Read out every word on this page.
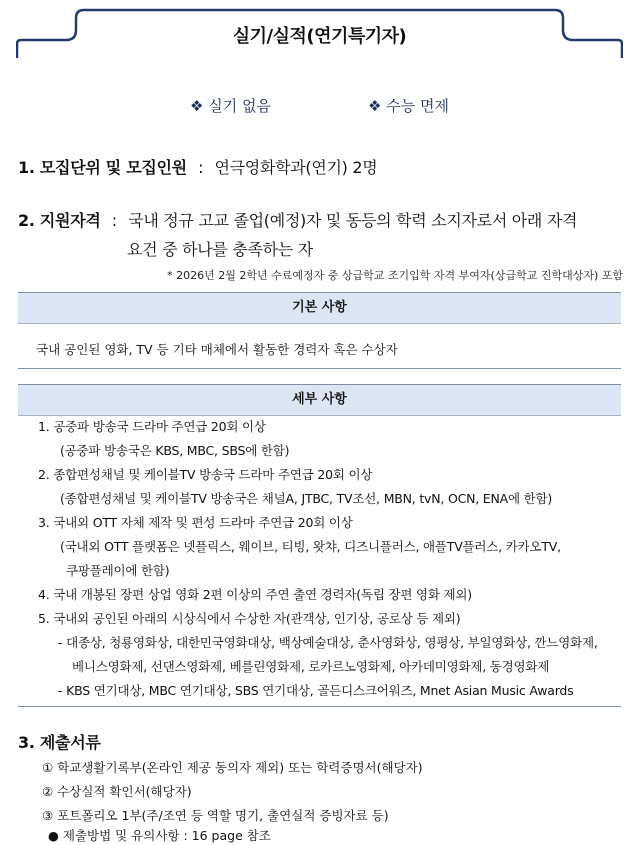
실기/실적(연기특기자)
❖ 실기 없음	❖ 수능 면제
1. 모집단위 및 모집인원 : 연극영화학과(연기) 2명
2. 지원자격 : 국내 정규 고교 졸업(예정)자 및 동등의 학력 소지자로서 아래 자격
요건 중 하나를 충족하는 자
* 2026년 2월 2학년 수료예정자 중 상급학교 조기입학 자격 부여자(상급학교 진학대상자) 포함
기본 사항
국내 공인된 영화, TV 등 기타 매체에서 활동한 경력자 혹은 수상자
세부 사항
1. 공중파 방송국 드라마 주연급 20회 이상
(공중파 방송국은 KBS, MBC, SBS에 한함)
2. 종합편성채널 및 케이블TV 방송국 드라마 주연급 20회 이상
(종합편성채널 및 케이블TV 방송국은 채널A, JTBC, TV조선, MBN, tvN, OCN, ENA에 한함)
3. 국내외 OTT 자체 제작 및 편성 드라마 주연급 20회 이상
(국내외 OTT 플랫폼은 넷플릭스, 웨이브, 티빙, 왓챠, 디즈니플러스, 애플TV플러스, 카카오TV,
쿠팡플레이에 한함)
4. 국내 개봉된 장편 상업 영화 2편 이상의 주연 출연 경력자(독립 장편 영화 제외)
5. 국내외 공인된 아래의 시상식에서 수상한 자(관객상, 인기상, 공로상 등 제외)
- 대종상, 청룡영화상, 대한민국영화대상, 백상예술대상, 춘사영화상, 영평상, 부일영화상, 깐느영화제,
베니스영화제, 선댄스영화제, 베를린영화제, 로카르노영화제, 아카데미영화제, 동경영화제
- KBS 연기대상, MBC 연기대상, SBS 연기대상, 골든디스크어워즈, Mnet Asian Music Awards
3. 제출서류
① 학교생활기록부(온라인 제공 동의자 제외) 또는 학력증명서(해당자)
② 수상실적 확인서(해당자)
③ 포트폴리오 1부(주/조연 등 역할 명기, 출연실적 증빙자료 등)
● 제출방법 및 유의사항 : 16 page 참조
